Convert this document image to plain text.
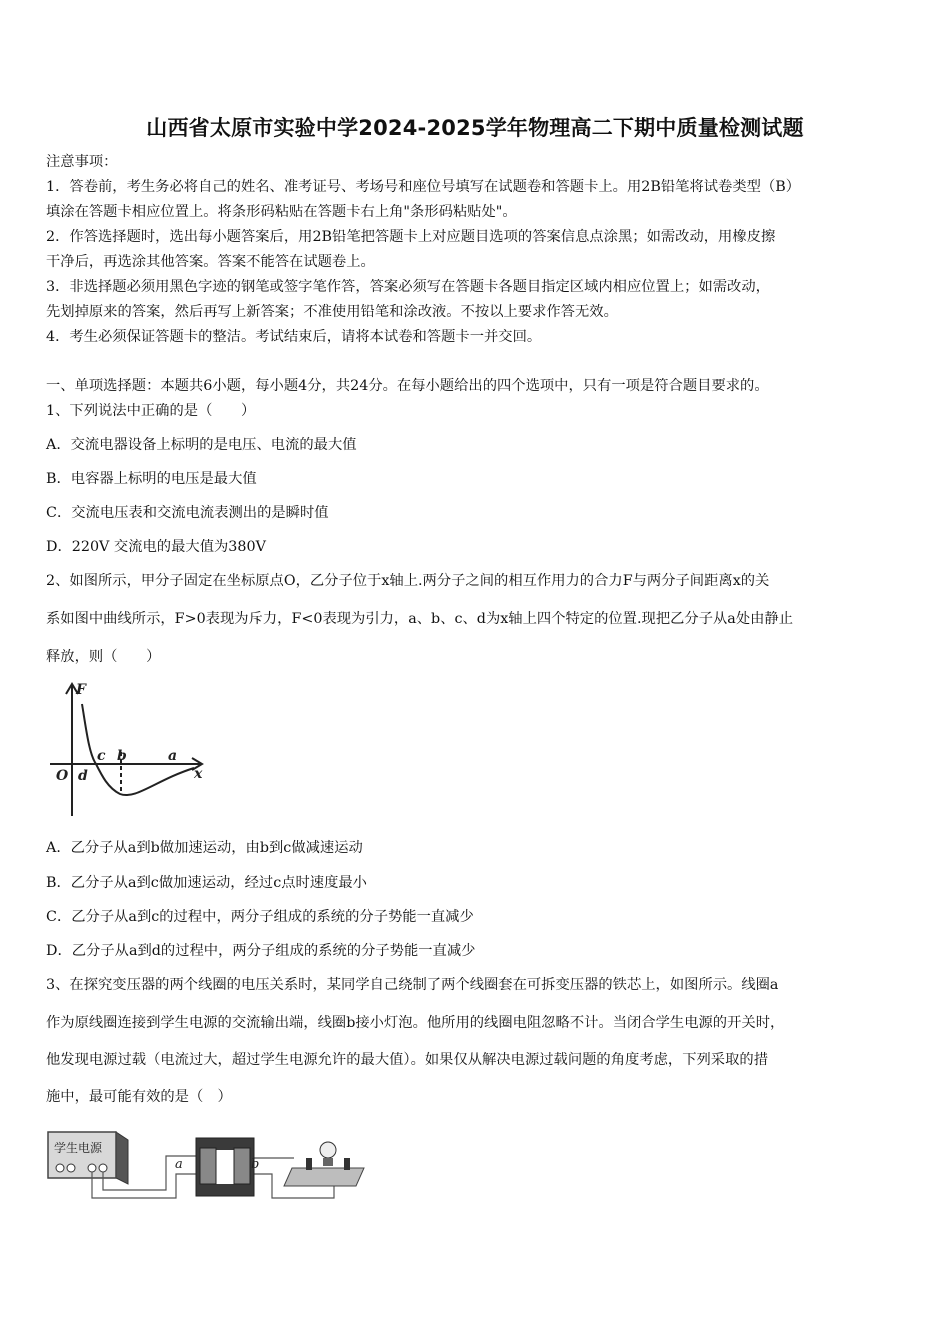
山西省太原市实验中学2024-2025学年物理高二下期中质量检测试题
注意事项：
1．答卷前，考生务必将自己的姓名、准考证号、考场号和座位号填写在试题卷和答题卡上。用2B铅笔将试卷类型（B）
填涂在答题卡相应位置上。将条形码粘贴在答题卡右上角"条形码粘贴处"。
2．作答选择题时，选出每小题答案后，用2B铅笔把答题卡上对应题目选项的答案信息点涂黑；如需改动，用橡皮擦
干净后，再选涂其他答案。答案不能答在试题卷上。
3．非选择题必须用黑色字迹的钢笔或签字笔作答，答案必须写在答题卡各题目指定区域内相应位置上；如需改动，
先划掉原来的答案，然后再写上新答案；不准使用铅笔和涂改液。不按以上要求作答无效。
4．考生必须保证答题卡的整洁。考试结束后，请将本试卷和答题卡一并交回。
一、单项选择题：本题共6小题，每小题4分，共24分。在每小题给出的四个选项中，只有一项是符合题目要求的。
1、下列说法中正确的是（　　）
A．交流电器设备上标明的是电压、电流的最大值
B．电容器上标明的电压是最大值
C．交流电压表和交流电流表测出的是瞬时值
D．220V 交流电的最大值为380V
2、如图所示，甲分子固定在坐标原点O，乙分子位于x轴上.两分子之间的相互作用力的合力F与两分子间距离x的关
系如图中曲线所示，F>0表现为斥力，F<0表现为引力，a、b、c、d为x轴上四个特定的位置.现把乙分子从a处由静止
释放，则（　　）
F
O d
c b	a
x
A．乙分子从a到b做加速运动，由b到c做减速运动
B．乙分子从a到c做加速运动，经过c点时速度最小
C．乙分子从a到c的过程中，两分子组成的系统的分子势能一直减少
D．乙分子从a到d的过程中，两分子组成的系统的分子势能一直减少
3、在探究变压器的两个线圈的电压关系时，某同学自己绕制了两个线圈套在可拆变压器的铁芯上，如图所示。线圈a
作为原线圈连接到学生电源的交流输出端，线圈b接小灯泡。他所用的线圈电阻忽略不计。当闭合学生电源的开关时，
他发现电源过载（电流过大，超过学生电源允许的最大值）。如果仅从解决电源过载问题的角度考虑，下列采取的措
施中，最可能有效的是（　）
学生电源
a	b
